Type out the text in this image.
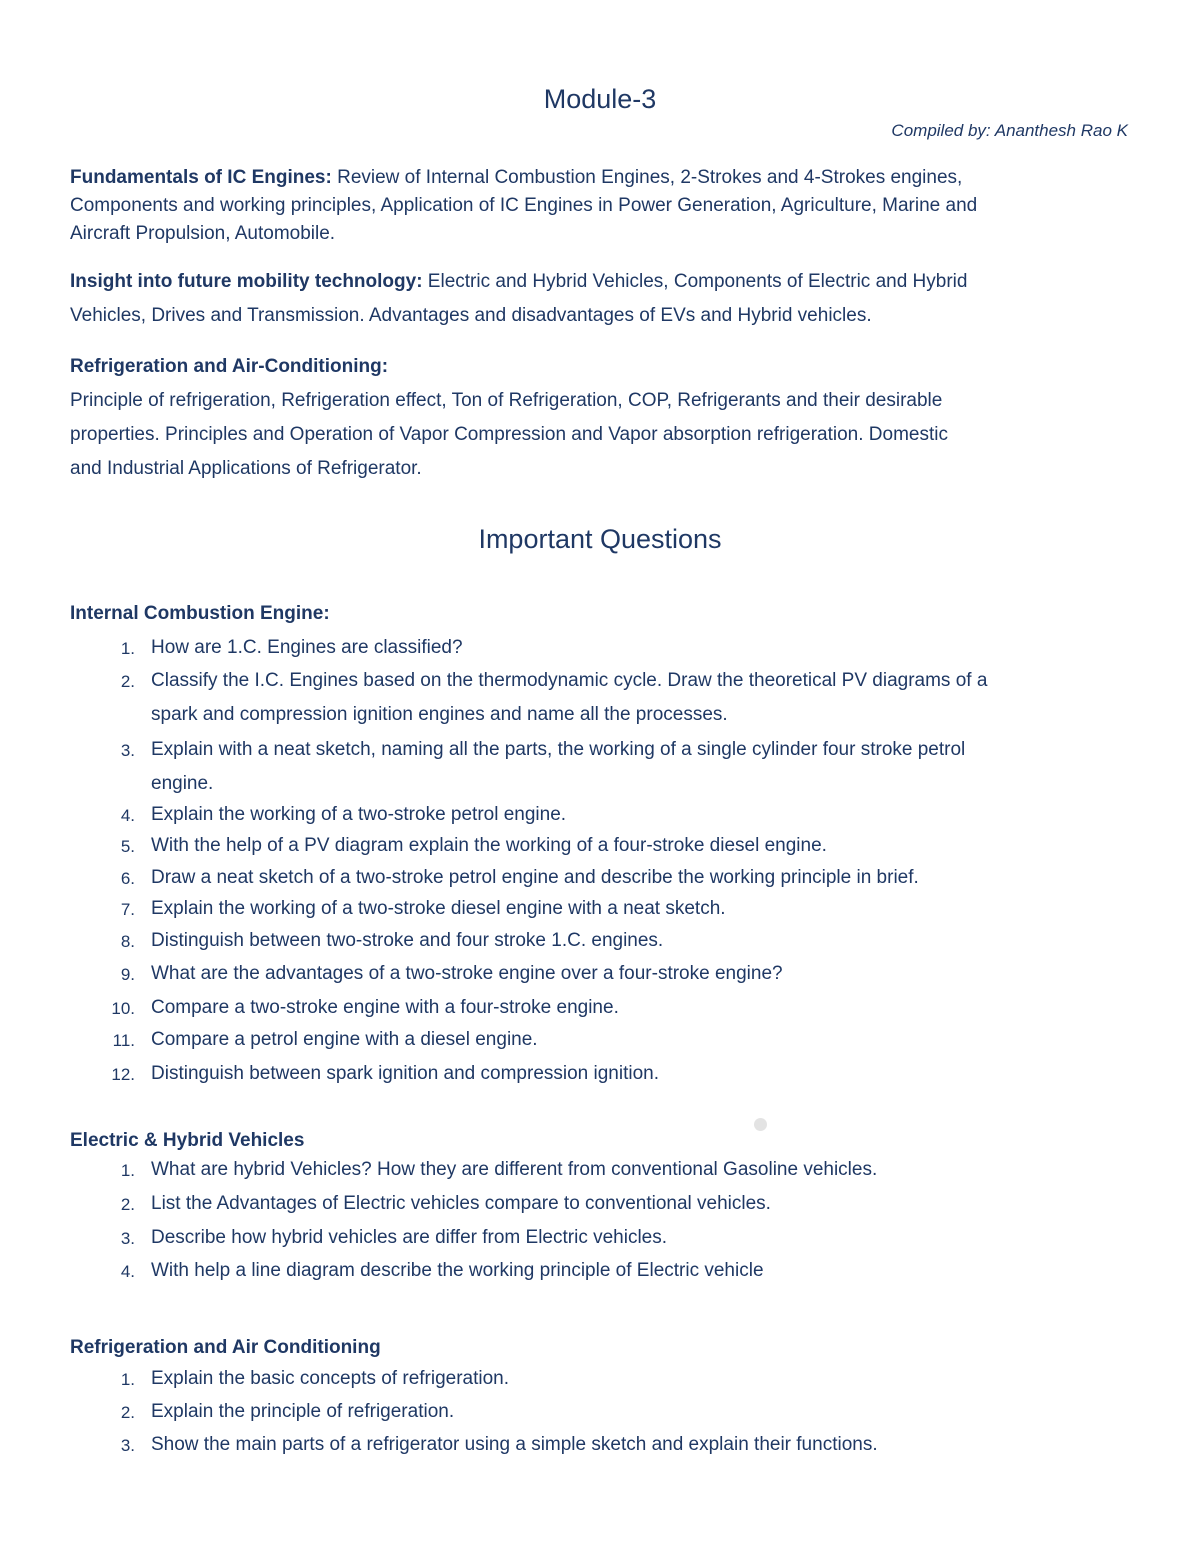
Module-3
Compiled by: Ananthesh Rao K
Fundamentals of IC Engines: Review of Internal Combustion Engines, 2-Strokes and 4-Strokes engines,
Components and working principles, Application of IC Engines in Power Generation, Agriculture, Marine and
Aircraft Propulsion, Automobile.
Insight into future mobility technology: Electric and Hybrid Vehicles, Components of Electric and Hybrid
Vehicles, Drives and Transmission. Advantages and disadvantages of EVs and Hybrid vehicles.
Refrigeration and Air-Conditioning:
Principle of refrigeration, Refrigeration effect, Ton of Refrigeration, COP, Refrigerants and their desirable
properties. Principles and Operation of Vapor Compression and Vapor absorption refrigeration. Domestic
and Industrial Applications of Refrigerator.
Important Questions
Internal Combustion Engine:
1. How are 1.C. Engines are classified?
2. Classify the I.C. Engines based on the thermodynamic cycle. Draw the theoretical PV diagrams of a
spark and compression ignition engines and name all the processes.
3. Explain with a neat sketch, naming all the parts, the working of a single cylinder four stroke petrol
engine.
4. Explain the working of a two-stroke petrol engine.
5. With the help of a PV diagram explain the working of a four-stroke diesel engine.
6. Draw a neat sketch of a two-stroke petrol engine and describe the working principle in brief.
7. Explain the working of a two-stroke diesel engine with a neat sketch.
8. Distinguish between two-stroke and four stroke 1.C. engines.
9. What are the advantages of a two-stroke engine over a four-stroke engine?
10. Compare a two-stroke engine with a four-stroke engine.
11. Compare a petrol engine with a diesel engine.
12. Distinguish between spark ignition and compression ignition.
Electric & Hybrid Vehicles
1. What are hybrid Vehicles? How they are different from conventional Gasoline vehicles.
2. List the Advantages of Electric vehicles compare to conventional vehicles.
3. Describe how hybrid vehicles are differ from Electric vehicles.
4. With help a line diagram describe the working principle of Electric vehicle
Refrigeration and Air Conditioning
1. Explain the basic concepts of refrigeration.
2. Explain the principle of refrigeration.
3. Show the main parts of a refrigerator using a simple sketch and explain their functions.
